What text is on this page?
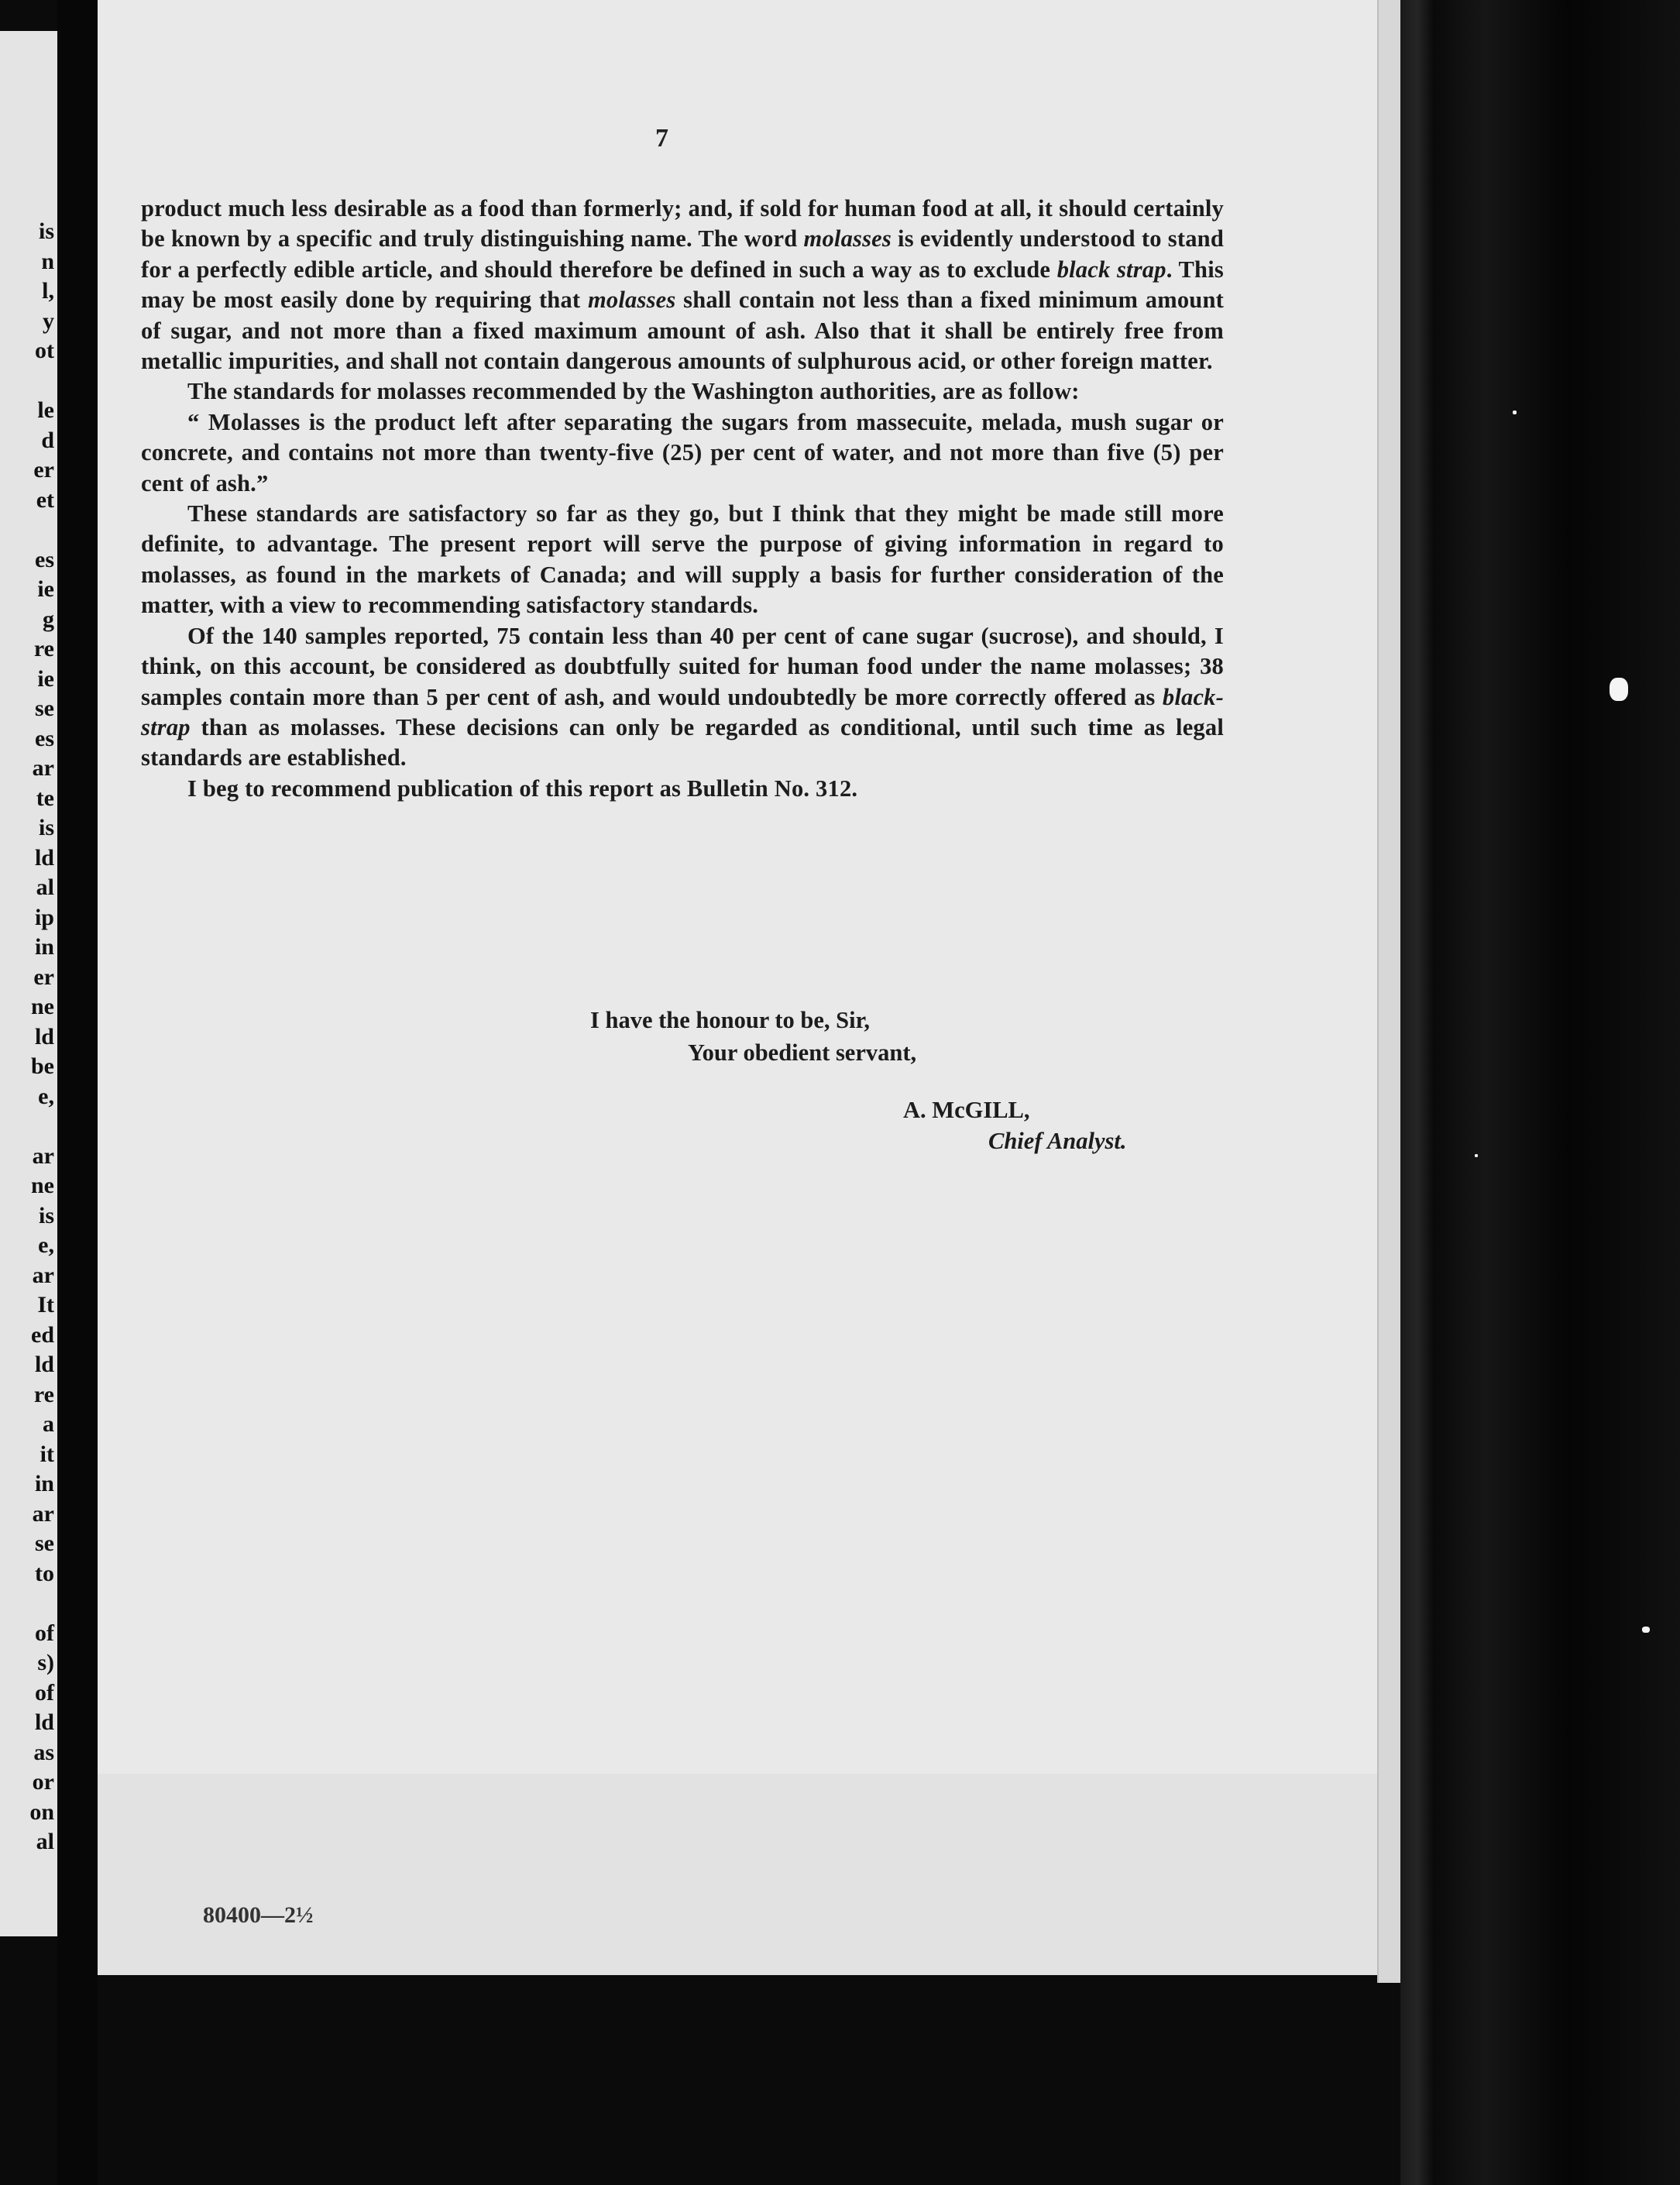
is
n
l,
y
ot
le
d
er
et
es
ie
g
re
ie
se
es
ar
te
is
ld
al
ip
in
er
ne
ld
be
e,
ar
ne
is
e,
ar
It
ed
ld
re
a
it
in
ar
se
to
of
s)
of
ld
as
or
on
al
7

product much less desirable as a food than formerly; and, if sold for human food at all, it should certainly be known by a specific and truly distinguishing name. The word molasses is evidently understood to stand for a perfectly edible article, and should therefore be defined in such a way as to exclude black strap. This may be most easily done by requiring that molasses shall contain not less than a fixed minimum amount of sugar, and not more than a fixed maximum amount of ash. Also that it shall be entirely free from metallic impurities, and shall not contain dangerous amounts of sulphurous acid, or other foreign matter.

The standards for molasses recommended by the Washington authorities, are as follow:

“ Molasses is the product left after separating the sugars from massecuite, melada, mush sugar or concrete, and contains not more than twenty-five (25) per cent of water, and not more than five (5) per cent of ash.”

These standards are satisfactory so far as they go, but I think that they might be made still more definite, to advantage. The present report will serve the purpose of giving information in regard to molasses, as found in the markets of Canada; and will supply a basis for further consideration of the matter, with a view to recommending satisfactory standards.

Of the 140 samples reported, 75 contain less than 40 per cent of cane sugar (sucrose), and should, I think, on this account, be considered as doubtfully suited for human food under the name molasses; 38 samples contain more than 5 per cent of ash, and would undoubtedly be more correctly offered as black-strap than as molasses. These decisions can only be regarded as conditional, until such time as legal standards are established.

I beg to recommend publication of this report as Bulletin No. 312.

I have the honour to be, Sir,
Your obedient servant,
A. McGILL,
Chief Analyst.
80400—2½
